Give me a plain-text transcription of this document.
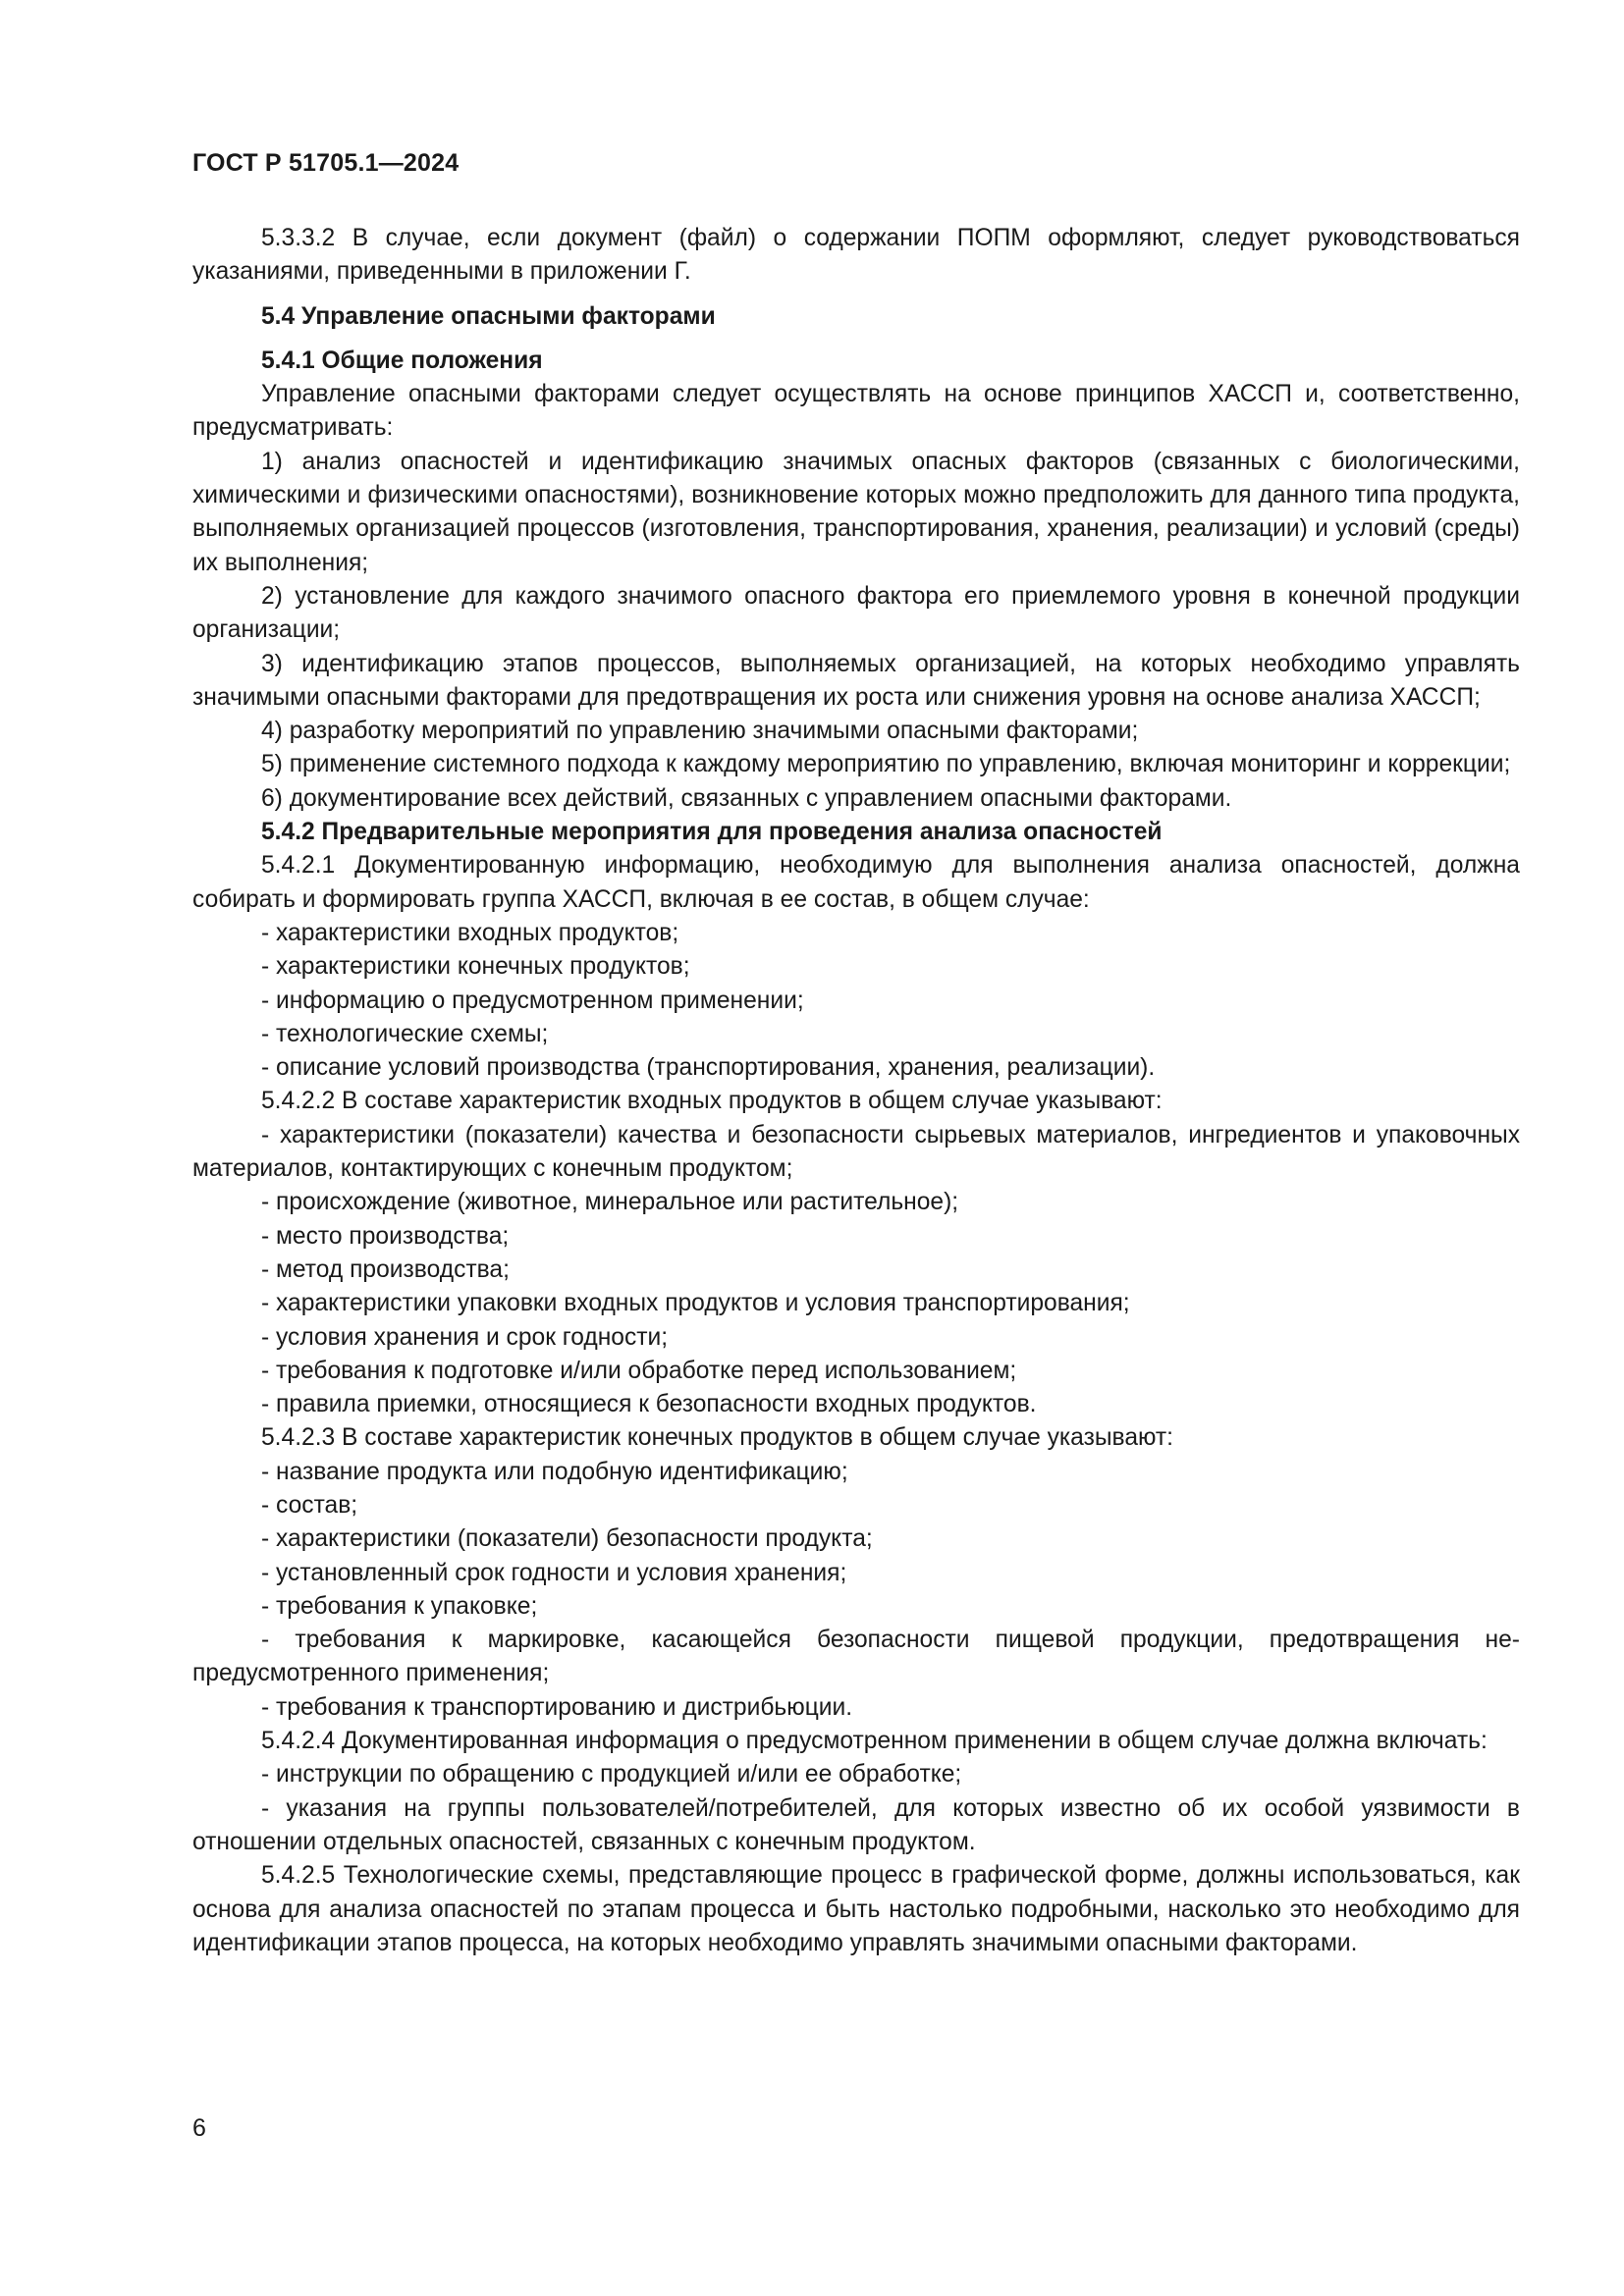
ГОСТ Р 51705.1—2024

5.3.3.2 В случае, если документ (файл) о содержании ПОПМ оформляют, следует руководствоваться указаниями, приведенными в приложении Г.

5.4 Управление опасными факторами

5.4.1 Общие положения

Управление опасными факторами следует осуществлять на основе принципов ХАССП и, соответственно, предусматривать:

1) анализ опасностей и идентификацию значимых опасных факторов (связанных с биологическими, химическими и физическими опасностями), возникновение которых можно предположить для данного типа продукта, выполняемых организацией процессов (изготовления, транспортирования, хранения, реализации) и условий (среды) их выполнения;

2) установление для каждого значимого опасного фактора его приемлемого уровня в конечной продукции организации;

3) идентификацию этапов процессов, выполняемых организацией, на которых необходимо управлять значимыми опасными факторами для предотвращения их роста или снижения уровня на основе анализа ХАССП;

4) разработку мероприятий по управлению значимыми опасными факторами;

5) применение системного подхода к каждому мероприятию по управлению, включая мониторинг и коррекции;

6) документирование всех действий, связанных с управлением опасными факторами.

5.4.2 Предварительные мероприятия для проведения анализа опасностей

5.4.2.1 Документированную информацию, необходимую для выполнения анализа опасностей, должна собирать и формировать группа ХАССП, включая в ее состав, в общем случае:

- характеристики входных продуктов;

- характеристики конечных продуктов;

- информацию о предусмотренном применении;

- технологические схемы;

- описание условий производства (транспортирования, хранения, реализации).

5.4.2.2 В составе характеристик входных продуктов в общем случае указывают:

- характеристики (показатели) качества и безопасности сырьевых материалов, ингредиентов и упаковочных материалов, контактирующих с конечным продуктом;

- происхождение (животное, минеральное или растительное);

- место производства;

- метод производства;

- характеристики упаковки входных продуктов и условия транспортирования;

- условия хранения и срок годности;

- требования к подготовке и/или обработке перед использованием;

- правила приемки, относящиеся к безопасности входных продуктов.

5.4.2.3 В составе характеристик конечных продуктов в общем случае указывают:

- название продукта или подобную идентификацию;

- состав;

- характеристики (показатели) безопасности продукта;

- установленный срок годности и условия хранения;

- требования к упаковке;

- требования к маркировке, касающейся безопасности пищевой продукции, предотвращения непредусмотренного применения;

- требования к транспортированию и дистрибьюции.

5.4.2.4 Документированная информация о предусмотренном применении в общем случае должна включать:

- инструкции по обращению с продукцией и/или ее обработке;

- указания на группы пользователей/потребителей, для которых известно об их особой уязвимости в отношении отдельных опасностей, связанных с конечным продуктом.

5.4.2.5 Технологические схемы, представляющие процесс в графической форме, должны использоваться, как основа для анализа опасностей по этапам процесса и быть настолько подробными, насколько это необходимо для идентификации этапов процесса, на которых необходимо управлять значимыми опасными факторами.

6
